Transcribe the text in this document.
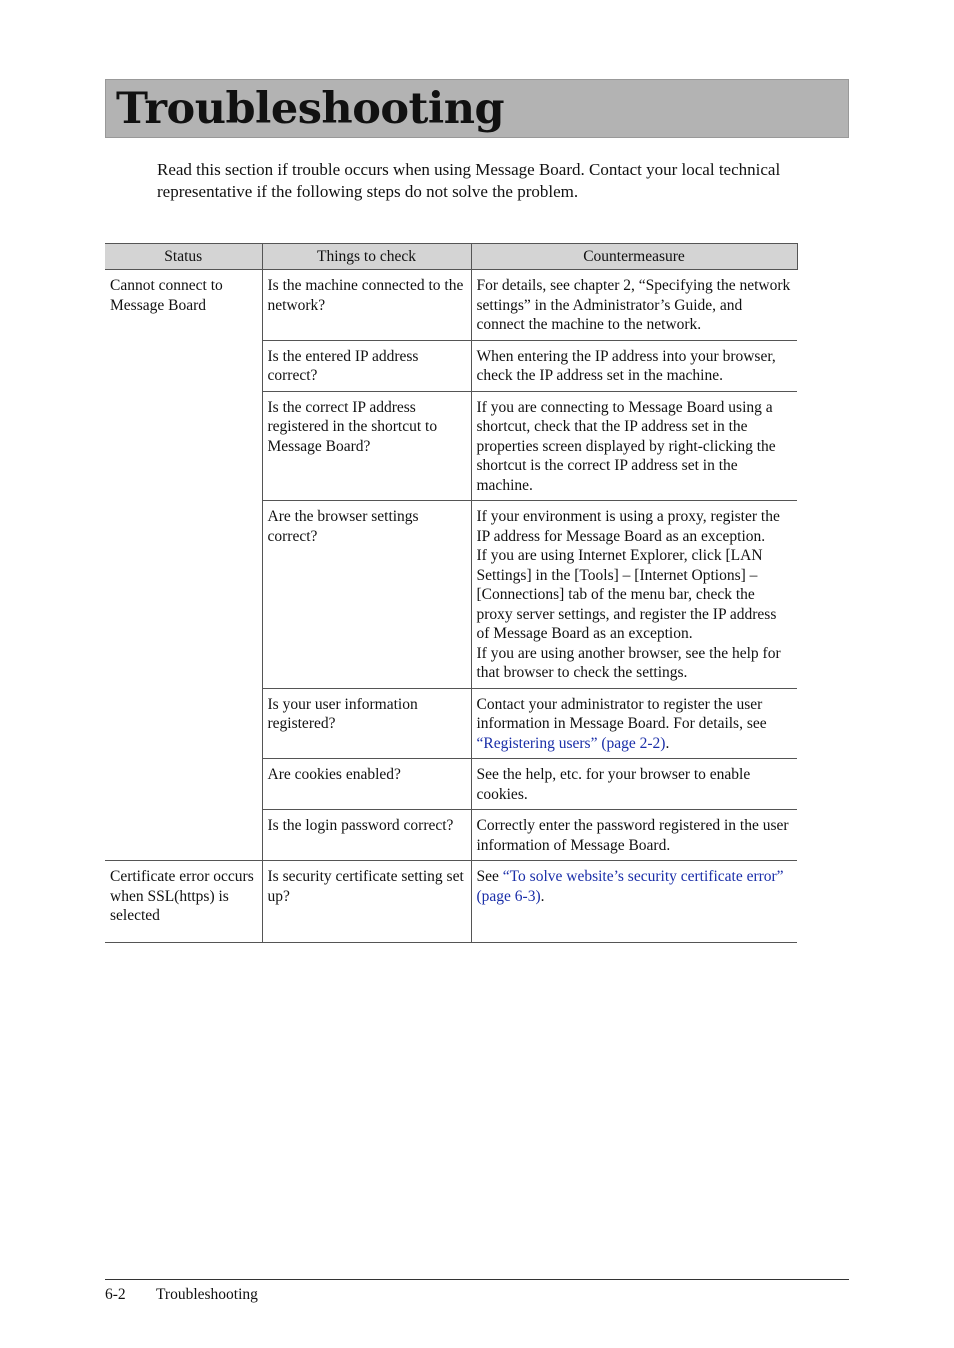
Troubleshooting

Read this section if trouble occurs when using Message Board. Contact your local technical representative if the following steps do not solve the problem.

Status	Things to check	Countermeasure
Cannot connect to Message Board	Is the machine connected to the network?	For details, see chapter 2, “Specifying the network settings” in the Administrator’s Guide, and connect the machine to the network.
	Is the entered IP address correct?	When entering the IP address into your browser, check the IP address set in the machine.
	Is the correct IP address registered in the shortcut to Message Board?	If you are connecting to Message Board using a shortcut, check that the IP address set in the properties screen displayed by right-clicking the shortcut is the correct IP address set in the machine.
	Are the browser settings correct?	If your environment is using a proxy, register the IP address for Message Board as an exception.
If you are using Internet Explorer, click [LAN Settings] in the [Tools] – [Internet Options] – [Connections] tab of the menu bar, check the proxy server settings, and register the IP address of Message Board as an exception.
If you are using another browser, see the help for that browser to check the settings.

	Is your user information registered?	Contact your administrator to register the user information in Message Board. For details, see “Registering users” (page 2-2).
	Are cookies enabled?	See the help, etc. for your browser to enable cookies.
	Is the login password correct?	Correctly enter the password registered in the user information of Message Board.
Certificate error occurs when SSL(https) is selected	Is security certificate setting set up?	See “To solve website’s security certificate error” (page 6-3).
6-2 Troubleshooting
